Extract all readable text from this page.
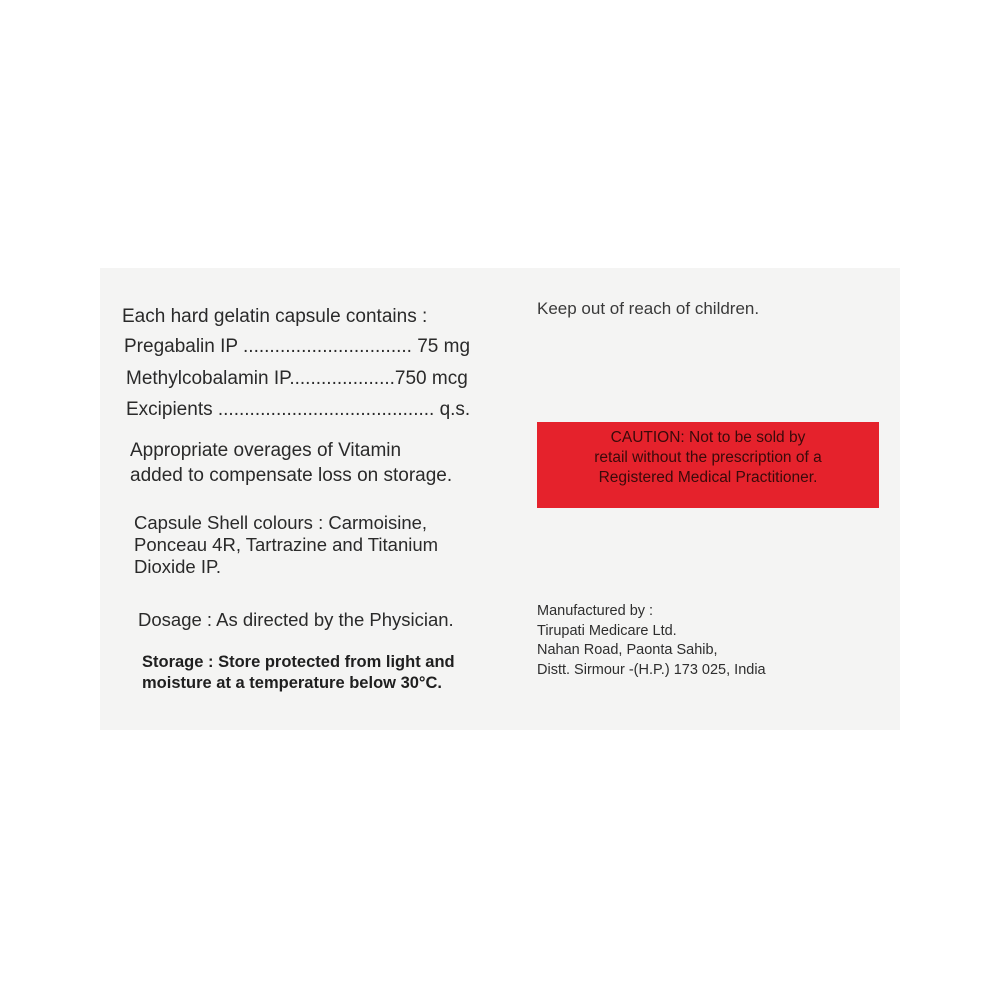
Each hard gelatin capsule contains :
Pregabalin IP ................................ 75 mg
Methylcobalamin IP....................750 mcg
Excipients ......................................... q.s.
Appropriate overages of Vitamin
added to compensate loss on storage.
Capsule Shell colours : Carmoisine,
Ponceau 4R, Tartrazine and Titanium
Dioxide IP.
Dosage : As directed by the Physician.
Storage : Store protected from light and
moisture at a temperature below 30°C.
Keep out of reach of children.
CAUTION: Not to be sold by
retail without the prescription of a
Registered Medical Practitioner.
Manufactured by :
Tirupati Medicare Ltd.
Nahan Road, Paonta Sahib,
Distt. Sirmour -(H.P.) 173 025, India
